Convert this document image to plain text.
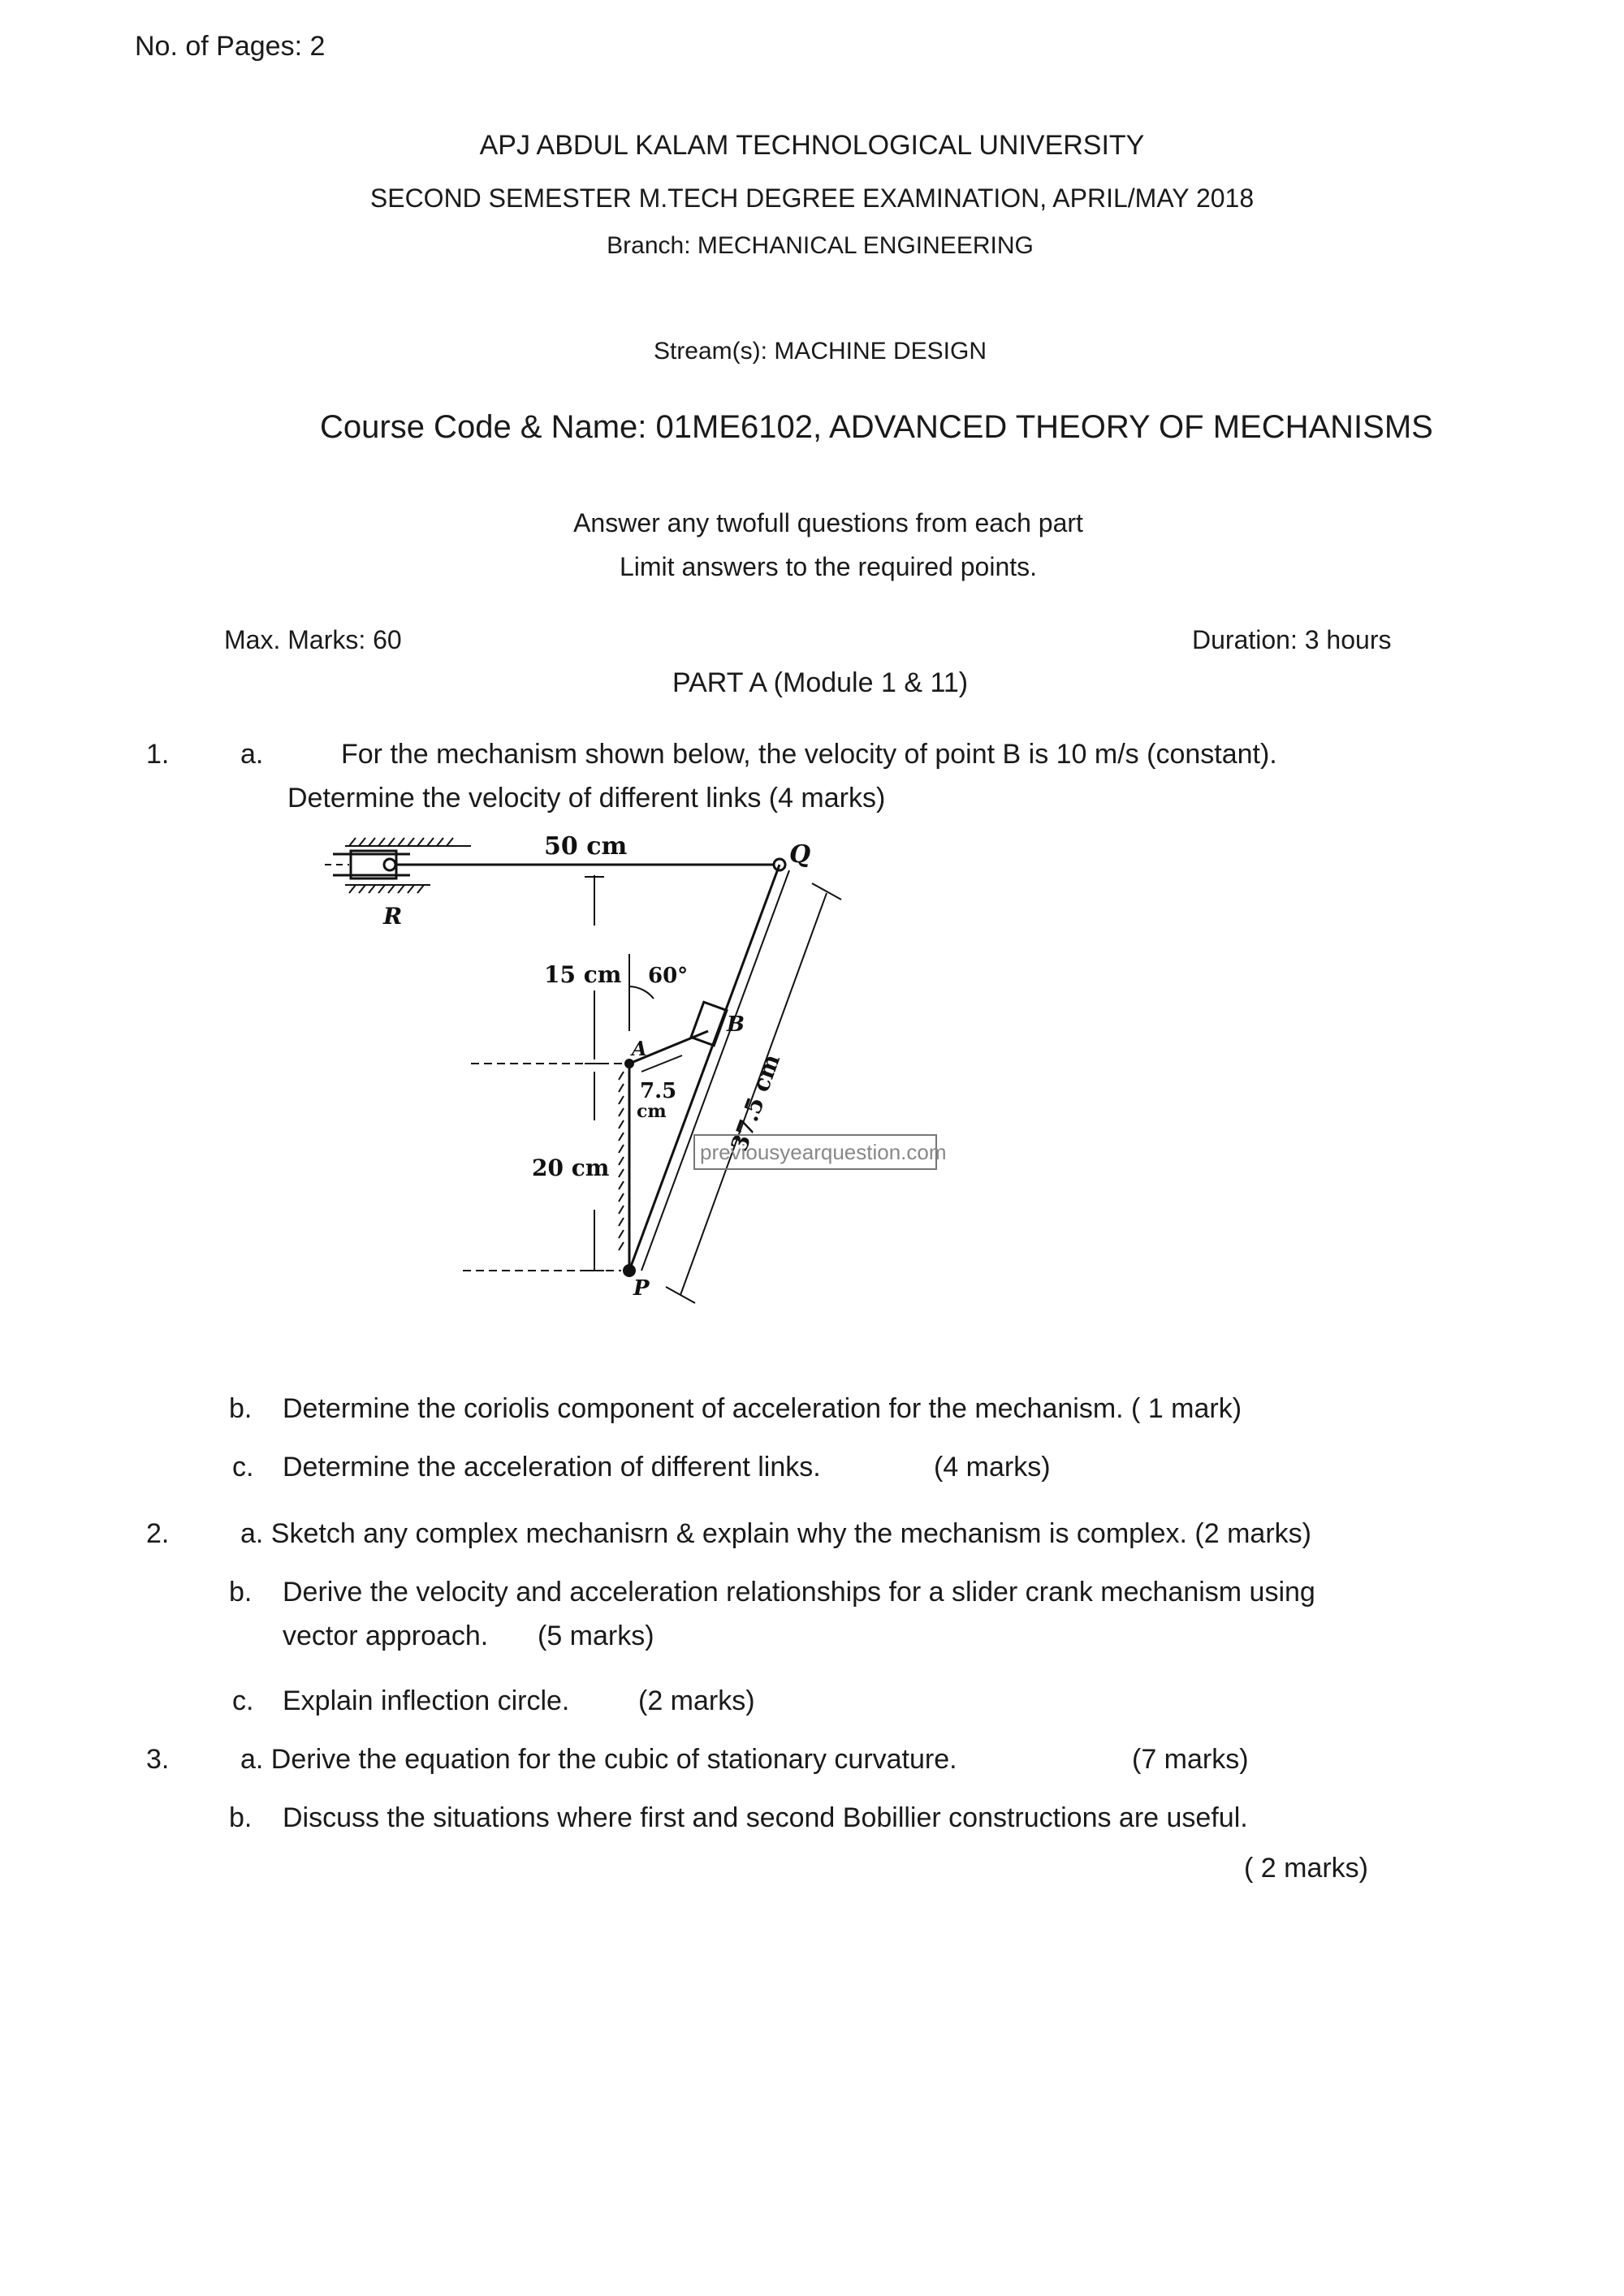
No. of Pages: 2
APJ ABDUL KALAM TECHNOLOGICAL UNIVERSITY
SECOND SEMESTER M.TECH DEGREE EXAMINATION, APRIL/MAY 2018
Branch: MECHANICAL ENGINEERING
Stream(s): MACHINE DESIGN
Course Code & Name: 01ME6102, ADVANCED THEORY OF MECHANISMS
Answer any twofull questions from each part
Limit answers to the required points.
Max. Marks: 60	Duration: 3 hours
PART A (Module 1 & 11)
1.	a.	For the mechanism shown below, the velocity of point B is 10 m/s (constant).
Determine the velocity of different links (4 marks)
50 cm
15 cm 60°
20 cm
7.5
cm	37.5 cm
R
Q
A
B
P
previousyearquestion.com
b. Determine the coriolis component of acceleration for the mechanism. ( 1 mark)
c. Determine the acceleration of different links.	(4 marks)
2.	a. Sketch any complex mechanisrn & explain why the mechanism is complex. (2 marks)
b. Derive the velocity and acceleration relationships for a slider crank mechanism using
vector approach. (5 marks)
c. Explain inflection circle. (2 marks)
3.	a. Derive the equation for the cubic of stationary curvature.	(7 marks)
b. Discuss the situations where first and second Bobillier constructions are useful.
( 2 marks)
